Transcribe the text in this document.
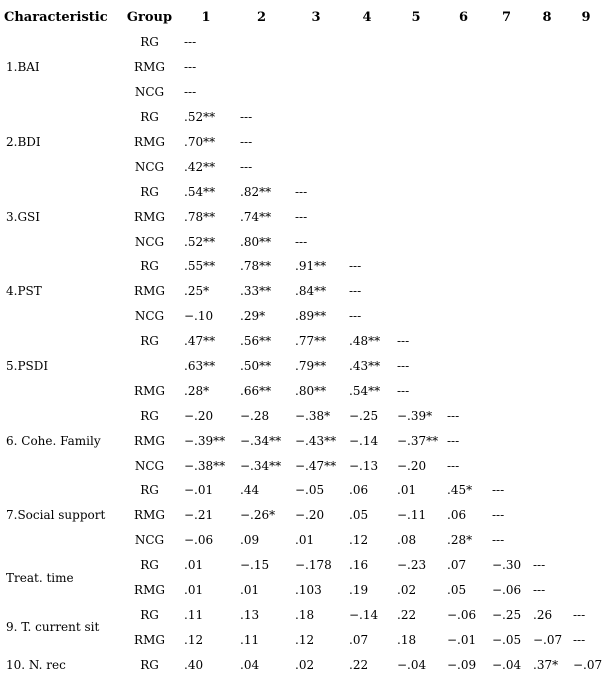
Characteristic	Group	1	2	3	4	5	6	7	8	9
1.BAI	RG	---								
	RMG	---								
	NCG	---								
2.BDI	RG	.52**	---							
	RMG	.70**	---							
	NCG	.42**	---							
3.GSI	RG	.54**	.82**	---						
	RMG	.78**	.74**	---						
	NCG	.52**	.80**	---						
4.PST	RG	.55**	.78**	.91**	---					
	RMG	.25*	.33**	.84**	---					
	NCG	−.10	.29*	.89**	---					
5.PSDI	RG	.47**	.56**	.77**	.48**	---				
		.63**	.50**	.79**	.43**	---				
	RMG	.28*	.66**	.80**	.54**	---				
6. Cohe. Family	RG	−.20	−.28	−.38*	−.25	−.39*	---			
	RMG	−.39**	−.34**	−.43**	−.14	−.37**	---			
	NCG	−.38**	−.34**	−.47**	−.13	−.20	---			
7.Social support	RG	−.01	.44	−.05	.06	.01	.45*	---		
	RMG	−.21	−.26*	−.20	.05	−.11	.06	---		
	NCG	−.06	.09	.01	.12	.08	.28*	---		
Treat. time	RG	.01	−.15	−.178	.16	−.23	.07	−.30	---	
	RMG	.01	.01	.103	.19	.02	.05	−.06	---	
9. T. current sit	RG	.11	.13	.18	−.14	.22	−.06	−.25	.26	---
	RMG	.12	.11	.12	.07	.18	−.01	−.05	−.07	---
10. N. rec	RG	.40	.04	.02	.22	−.04	−.09	−.04	.37*	−.07
